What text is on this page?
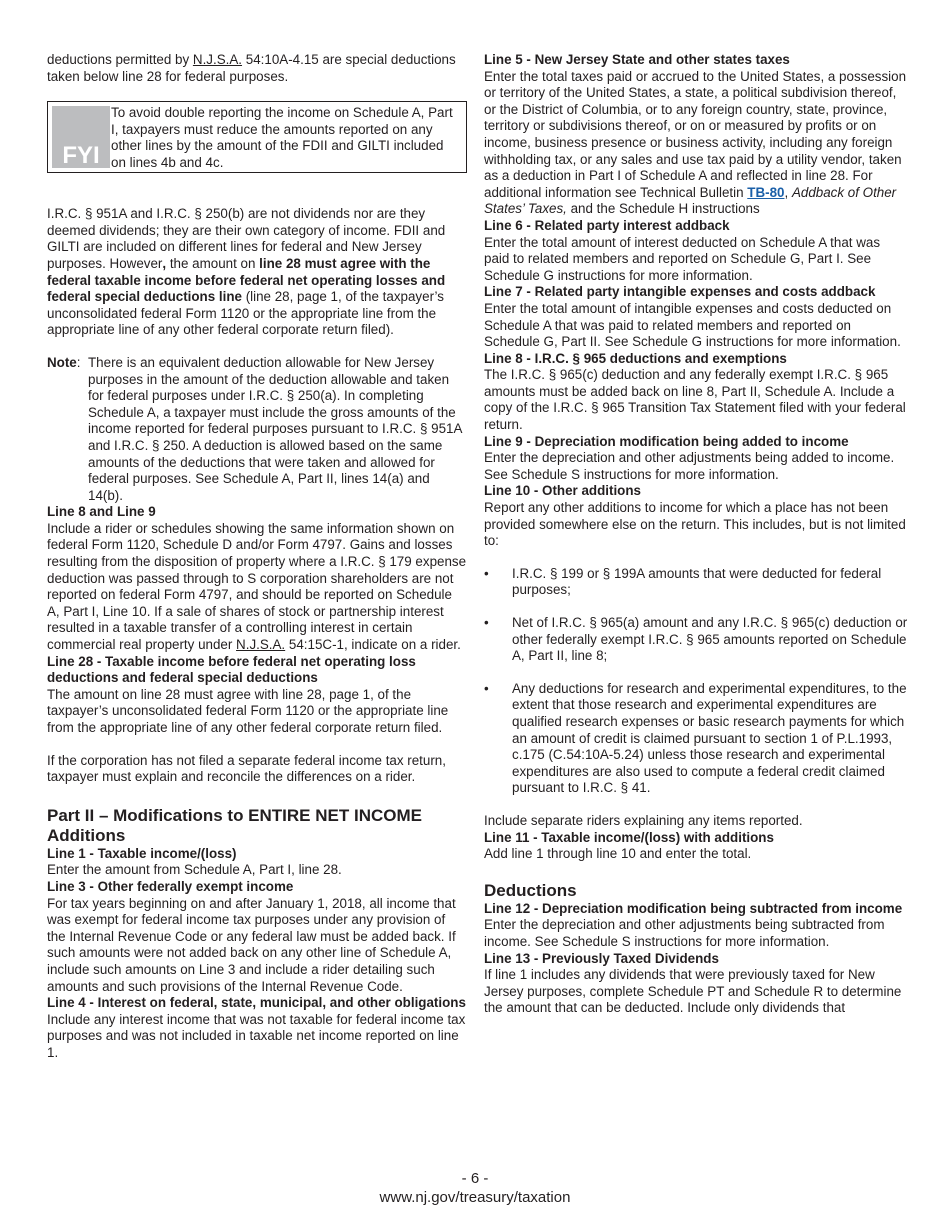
deductions permitted by N.J.S.A. 54:10A-4.15 are special deductions taken below line 28 for federal purposes.

FYI
To avoid double reporting the income on Schedule A, Part I, taxpayers must reduce the amounts reported on any other lines by the amount of the FDII and GILTI included on lines 4b and 4c.

I.R.C. § 951A and I.R.C. § 250(b) are not dividends nor are they deemed dividends; they are their own category of income. FDII and GILTI are included on different lines for federal and New Jersey purposes. However, the amount on line 28 must agree with the federal taxable income before federal net operating losses and federal special deductions line (line 28, page 1, of the taxpayer’s unconsolidated federal Form 1120 or the appropriate line from the appropriate line of any other federal corporate return filed).

Note: There is an equivalent deduction allowable for New Jersey purposes in the amount of the deduction allowable and taken for federal purposes under I.R.C. § 250(a). In completing Schedule A, a taxpayer must include the gross amounts of the income reported for federal purposes pursuant to I.R.C. § 951A and I.R.C. § 250. A deduction is allowed based on the same amounts of the deductions that were taken and allowed for federal purposes. See Schedule A, Part II, lines 14(a) and 14(b).

Line 8 and Line 9

Include a rider or schedules showing the same information shown on federal Form 1120, Schedule D and/or Form 4797. Gains and losses resulting from the disposition of property where a I.R.C. § 179 expense deduction was passed through to S corporation shareholders are not reported on federal Form 4797, and should be reported on Schedule A, Part I, Line 10. If a sale of shares of stock or partnership interest resulted in a taxable transfer of a controlling interest in certain commercial real property under N.J.S.A. 54:15C-1, indicate on a rider.

Line 28 - Taxable income before federal net operating loss deductions and federal special deductions

The amount on line 28 must agree with line 28, page 1, of the taxpayer’s unconsolidated federal Form 1120 or the appropriate line from the appropriate line of any other federal corporate return filed.

If the corporation has not filed a separate federal income tax return, taxpayer must explain and reconcile the differences on a rider.

Part II – Modifications to ENTIRE NET INCOME

Additions

Line 1 - Taxable income/(loss)

Enter the amount from Schedule A, Part I, line 28.

Line 3 - Other federally exempt income

For tax years beginning on and after January 1, 2018, all income that was exempt for federal income tax purposes under any provision of the Internal Revenue Code or any federal law must be added back. If such amounts were not added back on any other line of Schedule A, include such amounts on Line 3 and include a rider detailing such amounts and such provisions of the Internal Revenue Code.

Line 4 - Interest on federal, state, municipal, and other obligations

Include any interest income that was not taxable for federal income tax purposes and was not included in taxable net income reported on line 1.

Line 5 - New Jersey State and other states taxes

Enter the total taxes paid or accrued to the United States, a possession or territory of the United States, a state, a political subdivision thereof, or the District of Columbia, or to any foreign country, state, province, territory or subdivisions thereof, or on or measured by profits or on income, business presence or business activity, including any foreign withholding tax, or any sales and use tax paid by a utility vendor, taken as a deduction in Part I of Schedule A and reflected in line 28. For additional information see Technical Bulletin TB-80, Addback of Other States’ Taxes, and the Schedule H instructions

Line 6 - Related party interest addback

Enter the total amount of interest deducted on Schedule A that was paid to related members and reported on Schedule G, Part I. See Schedule G instructions for more information.

Line 7 - Related party intangible expenses and costs addback

Enter the total amount of intangible expenses and costs deducted on Schedule A that was paid to related members and reported on Schedule G, Part II. See Schedule G instructions for more information.

Line 8 - I.R.C. § 965 deductions and exemptions

The I.R.C. § 965(c) deduction and any federally exempt I.R.C. § 965 amounts must be added back on line 8, Part II, Schedule A. Include a copy of the I.R.C. § 965 Transition Tax Statement filed with your federal return.

Line 9 - Depreciation modification being added to income

Enter the depreciation and other adjustments being added to income. See Schedule S instructions for more information.

Line 10 - Other additions

Report any other additions to income for which a place has not been provided somewhere else on the return. This includes, but is not limited to:

•	I.R.C. § 199 or § 199A amounts that were deducted for federal purposes;
•	Net of I.R.C. § 965(a) amount and any I.R.C. § 965(c) deduction or other federally exempt I.R.C. § 965 amounts reported on Schedule A, Part II, line 8;
•	Any deductions for research and experimental expenditures, to the extent that those research and experimental expenditures are qualified research expenses or basic research payments for which an amount of credit is claimed pursuant to section 1 of P.L.1993, c.175 (C.54:10A-5.24) unless those research and experimental expenditures are also used to compute a federal credit claimed pursuant to I.R.C. § 41.

Include separate riders explaining any items reported.

Line 11 - Taxable income/(loss) with additions

Add line 1 through line 10 and enter the total.

Deductions

Line 12 - Depreciation modification being subtracted from income

Enter the depreciation and other adjustments being subtracted from income. See Schedule S instructions for more information.

Line 13 - Previously Taxed Dividends

If line 1 includes any dividends that were previously taxed for New Jersey purposes, complete Schedule PT and Schedule R to determine the amount that can be deducted. Include only dividends that

- 6 -
www.nj.gov/treasury/taxation
